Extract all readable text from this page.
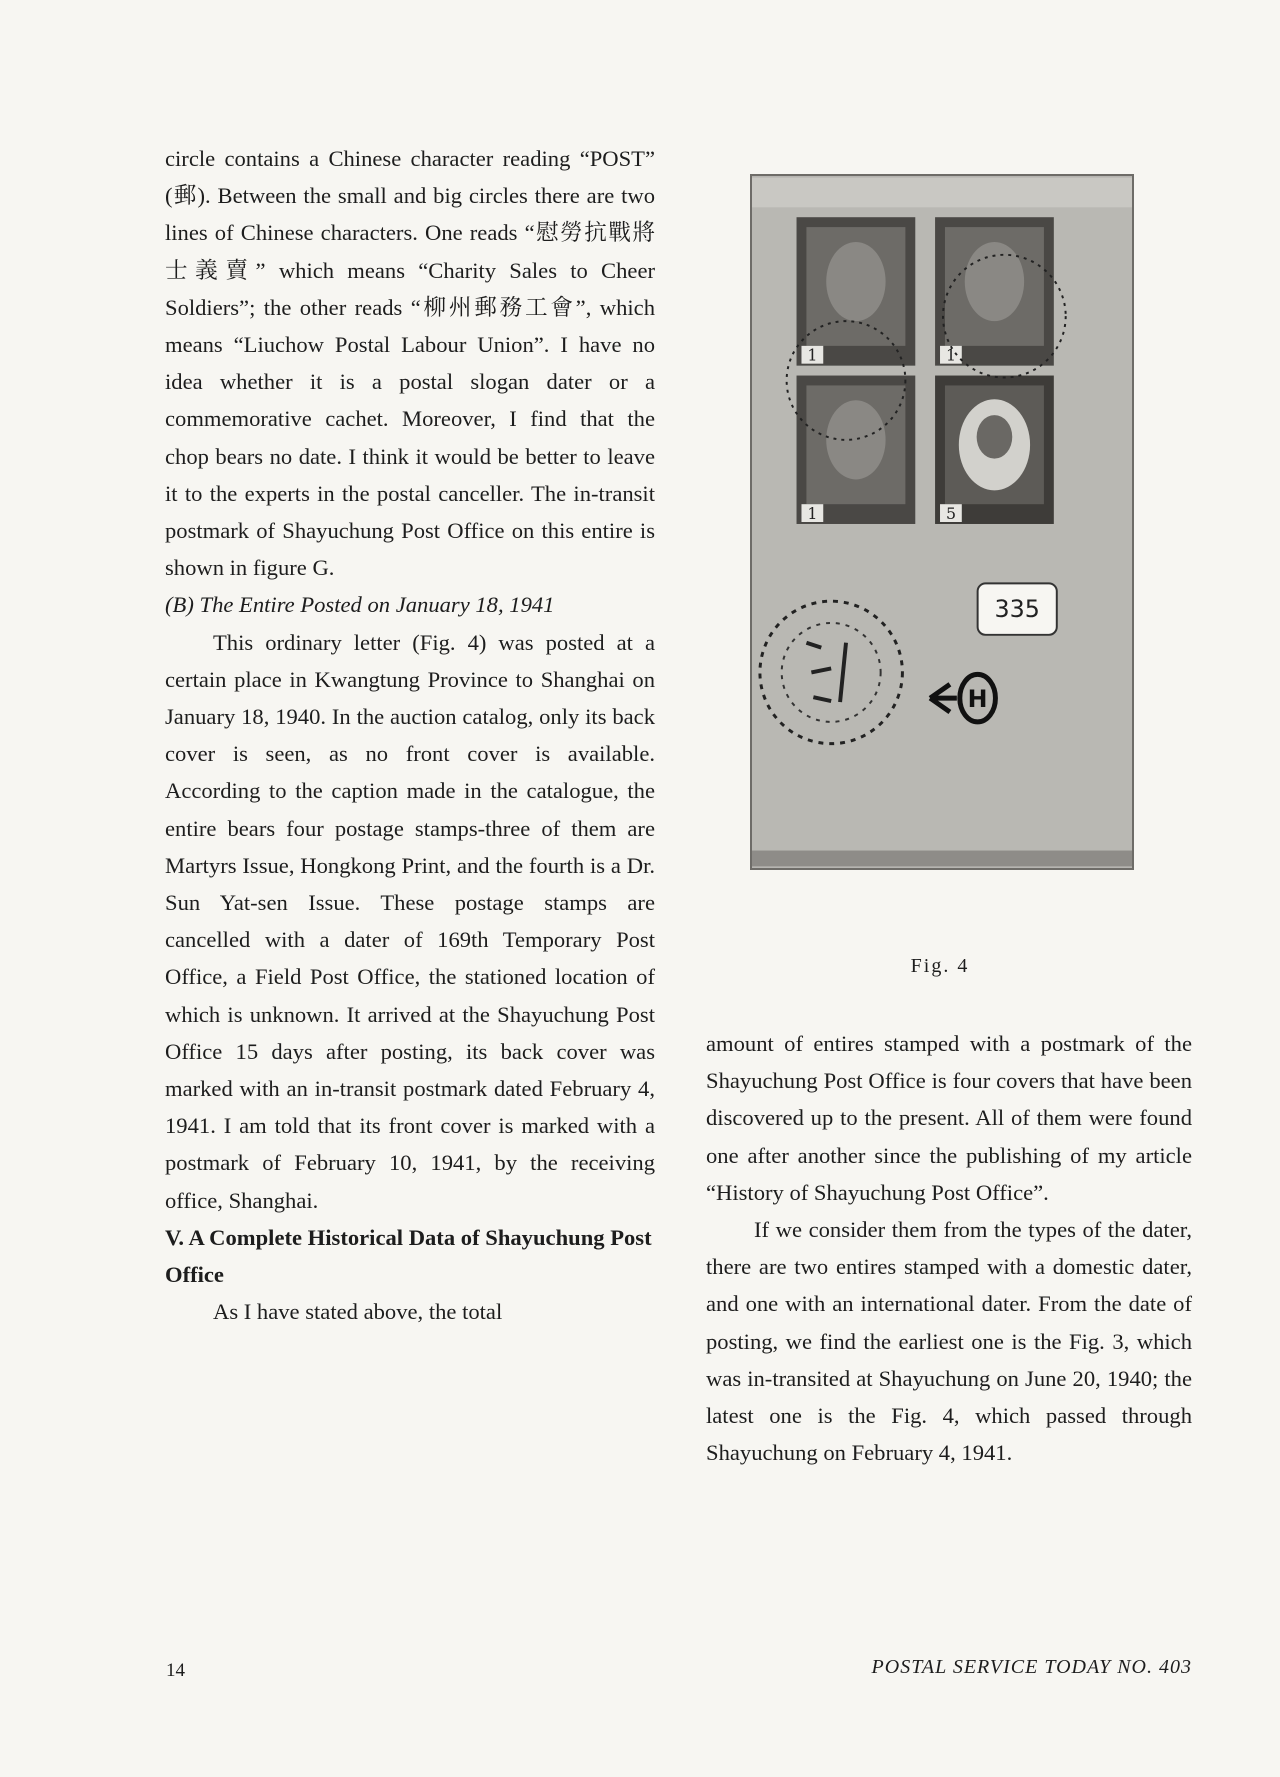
circle contains a Chinese character reading “POST” (郵). Between the small and big circles there are two lines of Chinese characters. One reads “慰勞抗戰將士義賣” which means “Charity Sales to Cheer Soldiers”; the other reads “柳州郵務工會”, which means “Liuchow Postal Labour Union”. I have no idea whether it is a postal slogan dater or a commemorative cachet. Moreover, I find that the chop bears no date. I think it would be better to leave it to the experts in the postal canceller. The in-transit postmark of Shayuchung Post Office on this entire is shown in figure G.

(B) The Entire Posted on January 18, 1941

This ordinary letter (Fig. 4) was posted at a certain place in Kwangtung Province to Shanghai on January 18, 1940. In the auction catalog, only its back cover is seen, as no front cover is available. According to the caption made in the catalogue, the entire bears four postage stamps-three of them are Martyrs Issue, Hongkong Print, and the fourth is a Dr. Sun Yat-sen Issue. These postage stamps are cancelled with a dater of 169th Temporary Post Office, a Field Post Office, the stationed location of which is unknown. It arrived at the Shayuchung Post Office 15 days after posting, its back cover was marked with an in-transit postmark dated February 4, 1941. I am told that its front cover is marked with a postmark of February 10, 1941, by the receiving office, Shanghai.

V. A Complete Historical Data of Shayuchung Post Office

As I have stated above, the total

1	1
1	5
335
H
Fig. 4

amount of entires stamped with a postmark of the Shayuchung Post Office is four covers that have been discovered up to the present. All of them were found one after another since the publishing of my article “History of Shayuchung Post Office”.

If we consider them from the types of the dater, there are two entires stamped with a domestic dater, and one with an international dater. From the date of posting, we find the earliest one is the Fig. 3, which was in-transited at Shayuchung on June 20, 1940; the latest one is the Fig. 4, which passed through Shayuchung on February 4, 1941.

14	POSTAL SERVICE TODAY NO. 403
